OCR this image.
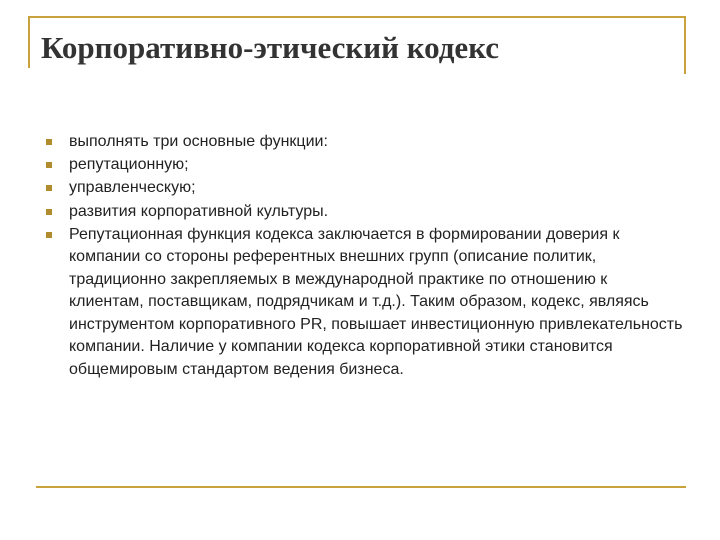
Корпоративно-этический кодекс
выполнять три основные функции:
репутационную;
управленческую;
развития корпоративной культуры.
Репутационная функция кодекса заключается в формировании доверия к компании со стороны референтных внешних групп (описание политик, традиционно закрепляемых в международной практике по отношению к клиентам, поставщикам, подрядчикам и т.д.). Таким образом, кодекс, являясь инструментом корпоративного PR, повышает инвестиционную привлекательность компании. Наличие у компании кодекса корпоративной этики становится общемировым стандартом ведения бизнеса.
